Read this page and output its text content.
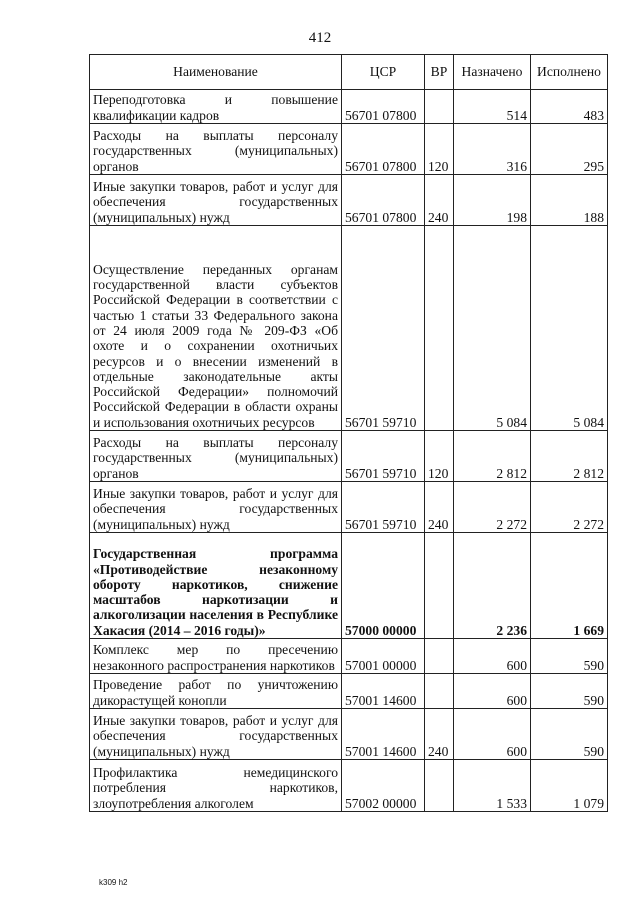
412
Наименование	ЦСР	ВР	Назначено	Исполнено
Переподготовка и повышение квалификации кадров	56701 07800		514	483
Расходы на выплаты персоналу государственных (муниципальных) органов	56701 07800	120	316	295
Иные закупки товаров, работ и услуг для обеспечения государственных (муниципальных) нужд	56701 07800	240	198	188
Осуществление переданных органам государственной власти субъектов Российской Федерации в соответствии с частью 1 статьи 33 Федерального закона от 24 июля 2009 года № 209-ФЗ «Об охоте и о сохранении охотничьих ресурсов и о внесении изменений в отдельные законодательные акты Российской Федерации» полномочий Российской Федерации в области охраны и использования охотничьих ресурсов	56701 59710		5 084	5 084
Расходы на выплаты персоналу государственных (муниципальных) органов	56701 59710	120	2 812	2 812
Иные закупки товаров, работ и услуг для обеспечения государственных (муниципальных) нужд	56701 59710	240	2 272	2 272
Государственная программа «Противодействие незаконному обороту наркотиков, снижение масштабов наркотизации и алкоголизации населения в Республике Хакасия (2014 – 2016 годы)»	57000 00000		2 236	1 669
Комплекс мер по пресечению незаконного распространения наркотиков	57001 00000		600	590
Проведение работ по уничтожению дикорастущей конопли	57001 14600		600	590
Иные закупки товаров, работ и услуг для обеспечения государственных (муниципальных) нужд	57001 14600	240	600	590
Профилактика немедицинского потребления наркотиков, злоупотребления алкоголем	57002 00000		1 533	1 079
k309 h2
